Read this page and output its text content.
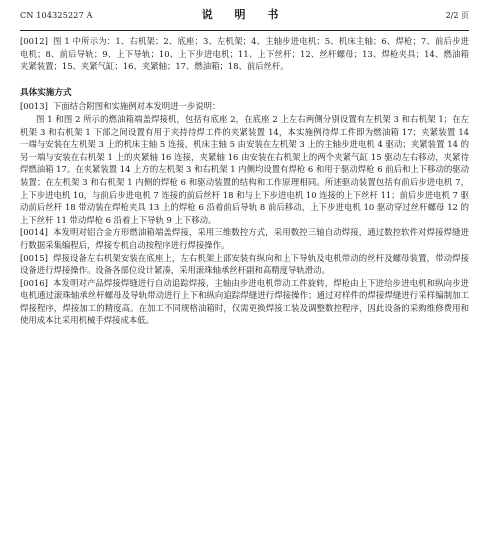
CN 104325227 A	说 明 书	2/2 页

[0012] 图 1 中所示为：1、右机架；2、底座；3、左机架；4、主轴步进电机；5、机床主轴；6、焊枪；7、前后步进电机；8、前后导轨；9、上下导轨；10、上下步进电机；11、上下丝杆；12、丝杆螺母；13、焊枪夹具；14、燃油箱夹紧装置；15、夹紧气缸；16、夹紧轴；17、燃油箱；18、前后丝杆。

具体实施方式

[0013] 下面结合附图和实施例对本发明进一步说明：

图 1 和图 2 所示的燃油箱端盖焊接机，包括有底座 2，在底座 2 上左右两侧分别设置有左机架 3 和右机架 1；在左机架 3 和右机架 1 下部之间设置有用于夹持待焊工件的夹紧装置 14，本实施例待焊工件即为燃油箱 17；夹紧装置 14 一端与安装在左机架 3 上的机床主轴 5 连接，机床主轴 5 由安装在左机架 3 上的主轴步进电机 4 驱动；夹紧装置 14 的另一端与安装在右机架 1 上的夹紧轴 16 连接，夹紧轴 16 由安装在右机架上的两个夹紧气缸 15 驱动左右移动，夹紧待焊燃油箱 17。在夹紧装置 14 上方的左机架 3 和右机架 1 内侧均设置有焊枪 6 和用于驱动焊枪 6 前后和上下移动的驱动装置；在左机架 3 和右机架 1 内侧的焊枪 6 和驱动装置的结构和工作原理相同。所述驱动装置包括有前后步进电机 7，上下步进电机 10，与前后步进电机 7 连接的前后丝杆 18 和与上下步进电机 10 连接的上下丝杆 11；前后步进电机 7 驱动前后丝杆 18 带动装在焊枪夹具 13 上的焊枪 6 沿着前后导轨 8 前后移动，上下步进电机 10 驱动穿过丝杆螺母 12 的上下丝杆 11 带动焊枪 6 沿着上下导轨 9 上下移动。

[0014] 本发明对铝合金方形燃油箱端盖焊接，采用三维数控方式，采用数控三轴自动焊接，通过数控软件对焊接焊缝进行数据采集编程后，焊接专机自动按程序进行焊接操作。

[0015] 焊接设备左右机架安装在底座上，左右机架上部安装有纵向和上下导轨及电机带动的丝杆及螺母装置，带动焊接设备进行焊接操作。设备各部位设计紧凑，采用滚珠轴承丝杆副和高精度导轨滑动。

[0016] 本发明对产品焊接焊缝进行自动追踪焊接，主轴由步进电机带动工件旋转，焊枪由上下进给步进电机和纵向步进电机通过滚珠轴承丝杆螺母及导轨带动进行上下和纵向追踪焊缝进行焊接操作；通过对样件的焊接焊缝进行采样编制加工焊接程序，焊接加工的精度高。在加工不同规格油箱时，仅需更换焊接工装及调整数控程序，因此设备的采购维修费用和使用成本比采用机械手焊接成本低。
